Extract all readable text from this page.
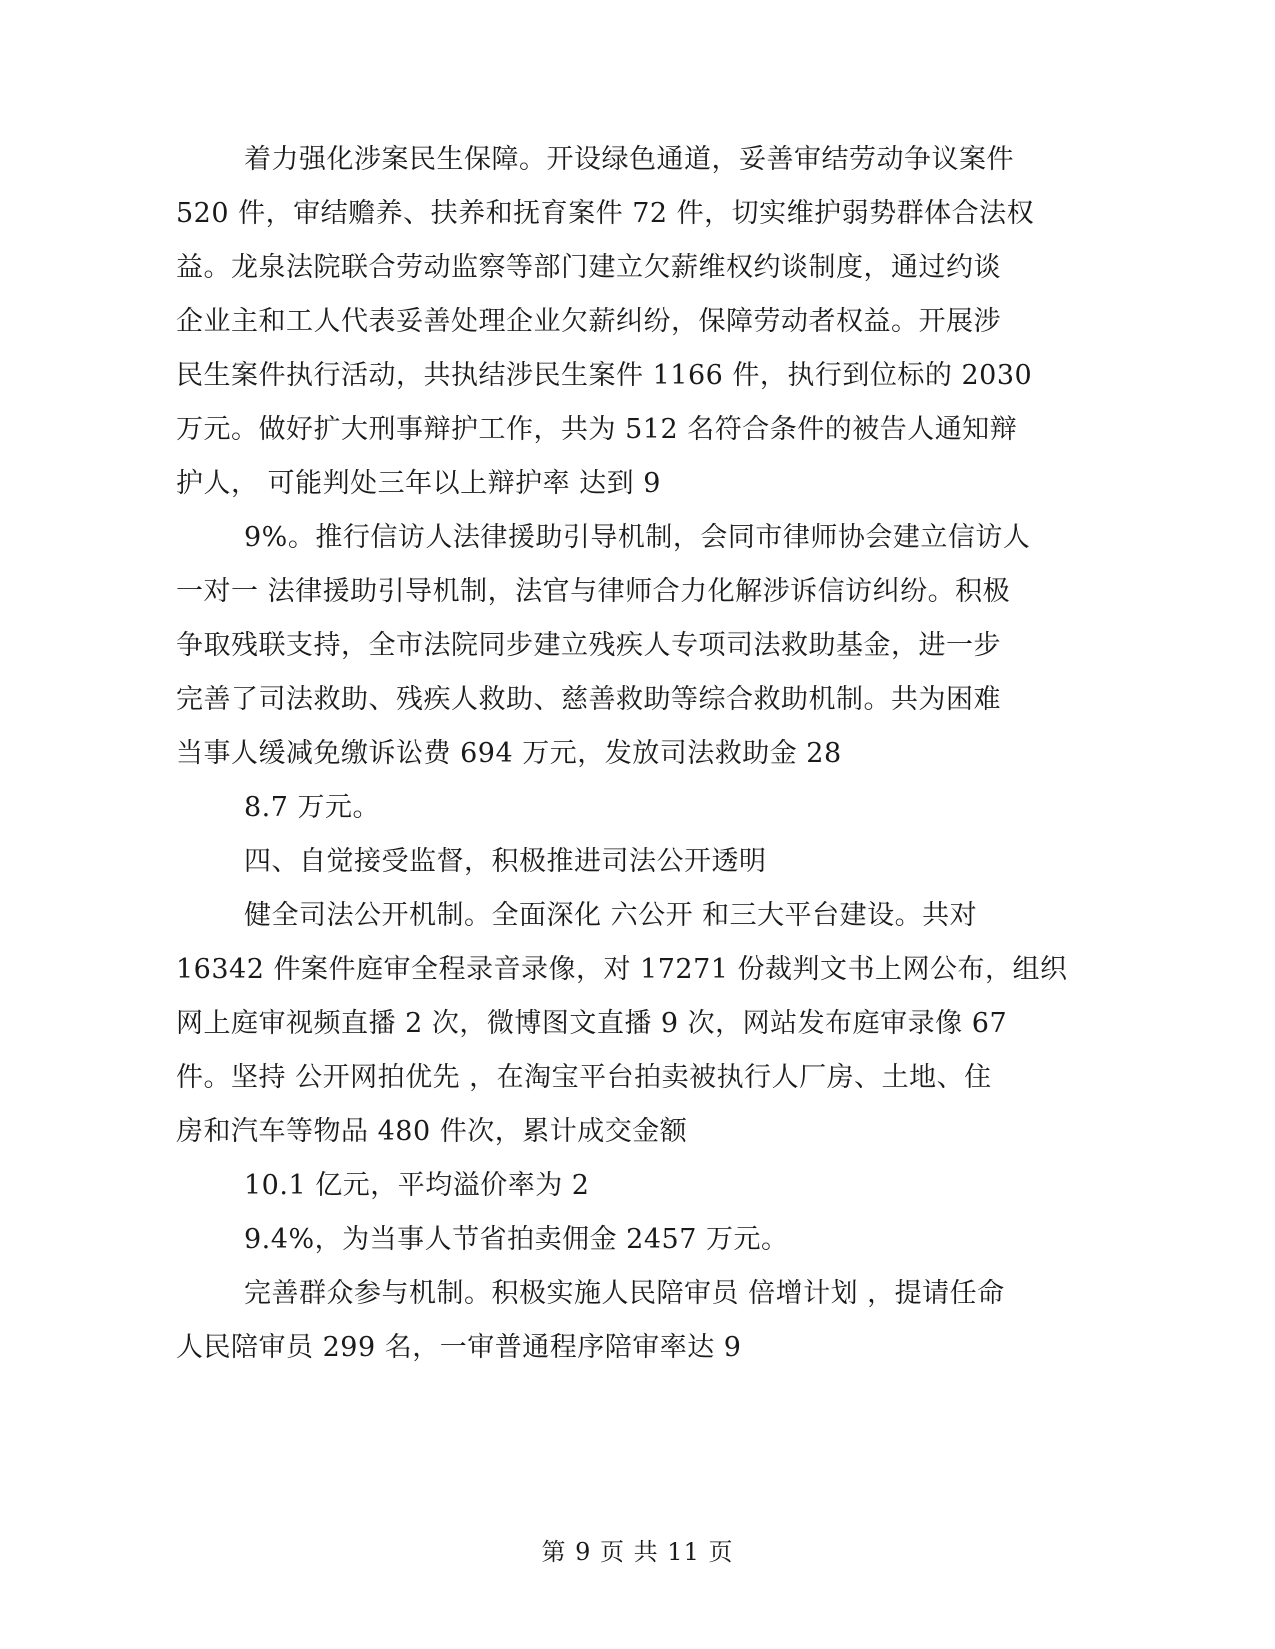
着力强化涉案民生保障。开设绿色通道，妥善审结劳动争议案件
520 件，审结赡养、扶养和抚育案件 72 件，切实维护弱势群体合法权
益。龙泉法院联合劳动监察等部门建立欠薪维权约谈制度，通过约谈
企业主和工人代表妥善处理企业欠薪纠纷，保障劳动者权益。开展涉
民生案件执行活动，共执结涉民生案件 1166 件，执行到位标的 2030
万元。做好扩大刑事辩护工作，共为 512 名符合条件的被告人通知辩
护人， 可能判处三年以上辩护率 达到 9
9%。推行信访人法律援助引导机制，会同市律师协会建立信访人
一对一 法律援助引导机制，法官与律师合力化解涉诉信访纠纷。积极
争取残联支持，全市法院同步建立残疾人专项司法救助基金，进一步
完善了司法救助、残疾人救助、慈善救助等综合救助机制。共为困难
当事人缓减免缴诉讼费 694 万元，发放司法救助金 28
8.7 万元。
四、自觉接受监督，积极推进司法公开透明
健全司法公开机制。全面深化 六公开 和三大平台建设。共对
16342 件案件庭审全程录音录像，对 17271 份裁判文书上网公布，组织
网上庭审视频直播 2 次，微博图文直播 9 次，网站发布庭审录像 67
件。坚持 公开网拍优先 ，在淘宝平台拍卖被执行人厂房、土地、住
房和汽车等物品 480 件次，累计成交金额
10.1 亿元，平均溢价率为 2
9.4%，为当事人节省拍卖佣金 2457 万元。
完善群众参与机制。积极实施人民陪审员 倍增计划 ，提请任命
人民陪审员 299 名，一审普通程序陪审率达 9
第 9 页 共 11 页
